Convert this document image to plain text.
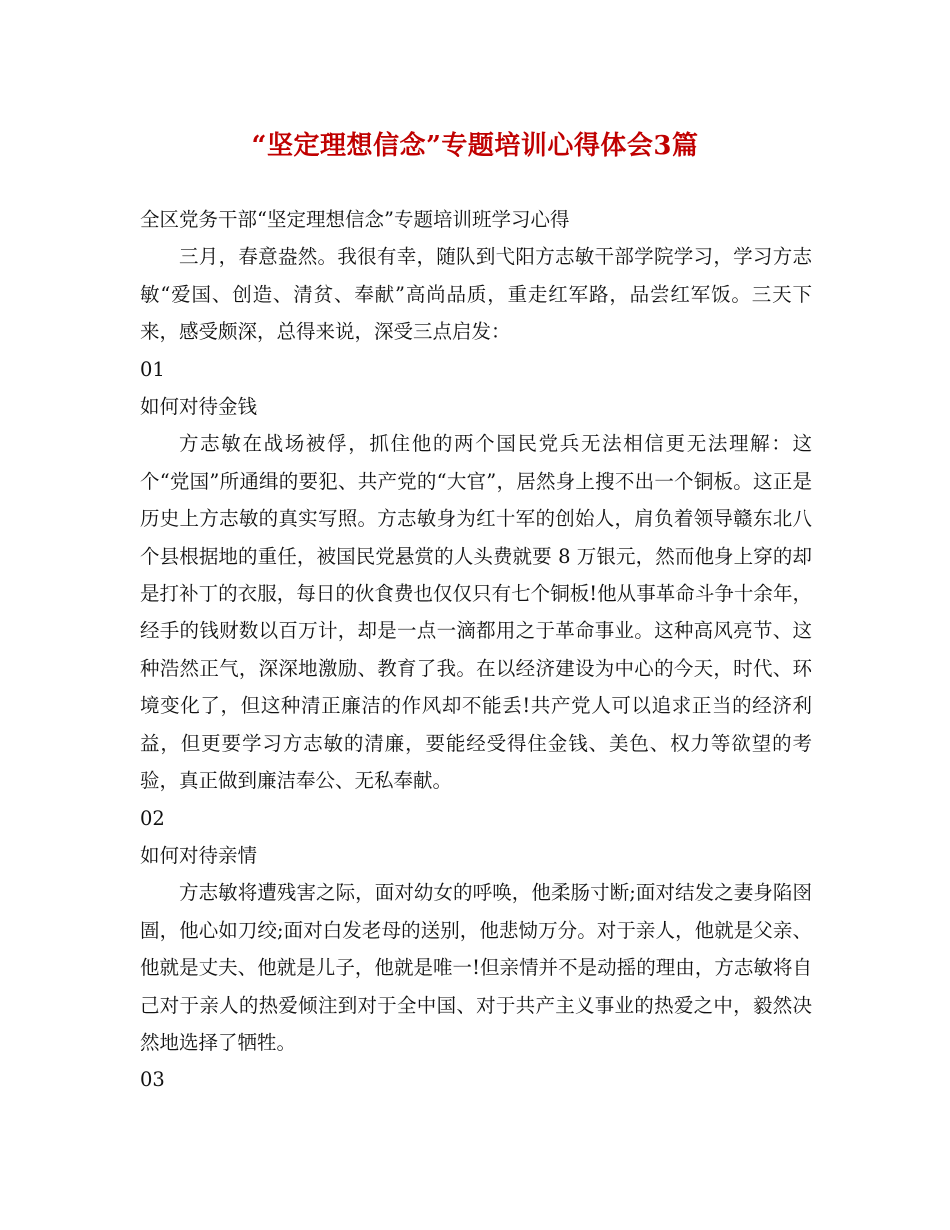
“坚定理想信念”专题培训心得体会3篇

全区党务干部“坚定理想信念”专题培训班学习心得

三月，春意盎然。我很有幸，随队到弋阳方志敏干部学院学习，学习方志敏“爱国、创造、清贫、奉献”高尚品质，重走红军路，品尝红军饭。三天下来，感受颇深，总得来说，深受三点启发：

01

如何对待金钱

方志敏在战场被俘，抓住他的两个国民党兵无法相信更无法理解：这个“党国”所通缉的要犯、共产党的“大官”，居然身上搜不出一个铜板。这正是历史上方志敏的真实写照。方志敏身为红十军的创始人，肩负着领导赣东北八个县根据地的重任，被国民党悬赏的人头费就要 8 万银元，然而他身上穿的却是打补丁的衣服，每日的伙食费也仅仅只有七个铜板!他从事革命斗争十余年，经手的钱财数以百万计，却是一点一滴都用之于革命事业。这种高风亮节、这种浩然正气，深深地激励、教育了我。在以经济建设为中心的今天，时代、环境变化了，但这种清正廉洁的作风却不能丢!共产党人可以追求正当的经济利益，但更要学习方志敏的清廉，要能经受得住金钱、美色、权力等欲望的考验，真正做到廉洁奉公、无私奉献。

02

如何对待亲情

方志敏将遭残害之际，面对幼女的呼唤，他柔肠寸断;面对结发之妻身陷囹圄，他心如刀绞;面对白发老母的送别，他悲恸万分。对于亲人，他就是父亲、他就是丈夫、他就是儿子，他就是唯一!但亲情并不是动摇的理由，方志敏将自己对于亲人的热爱倾注到对于全中国、对于共产主义事业的热爱之中，毅然决然地选择了牺牲。

03
